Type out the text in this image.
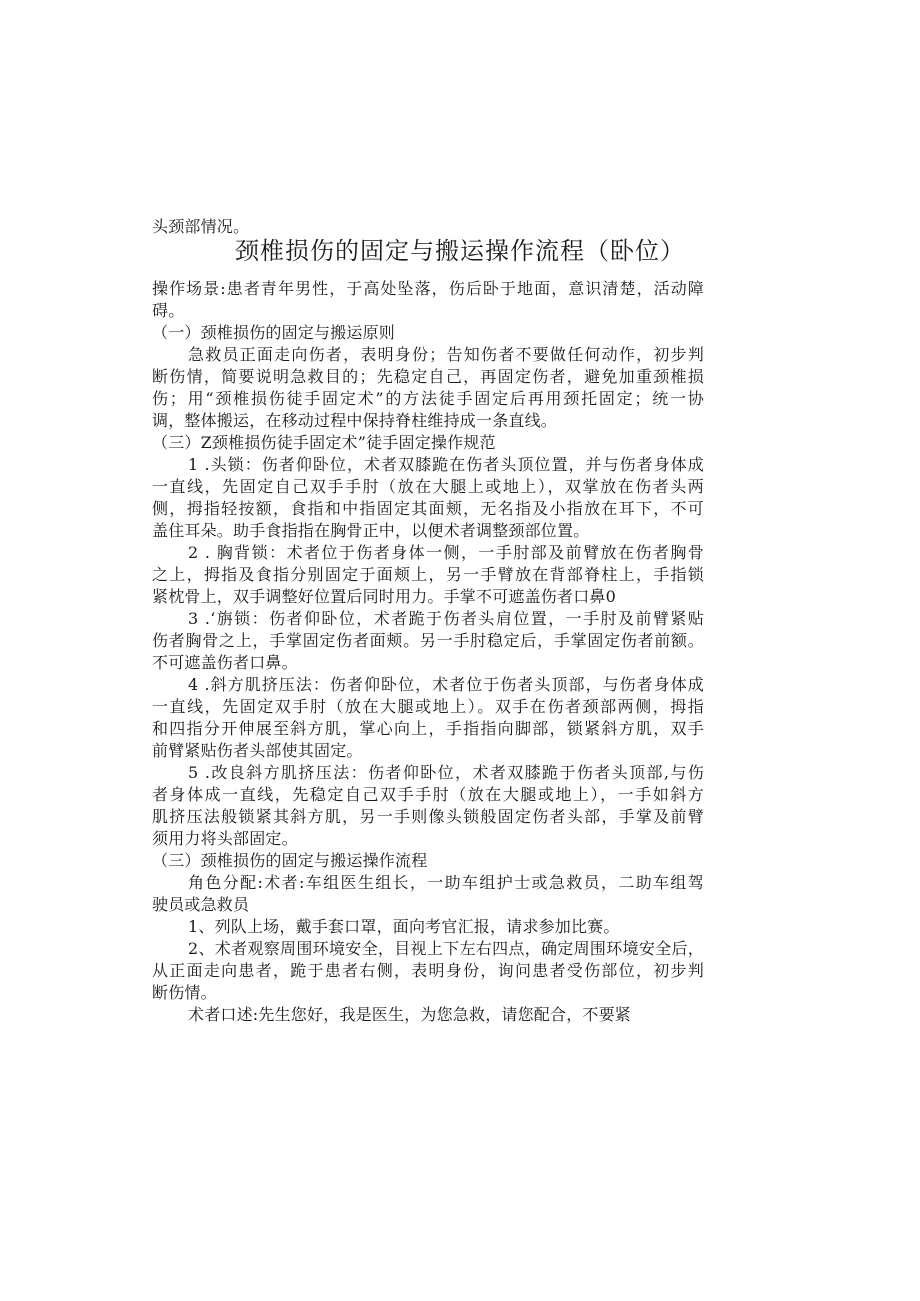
头颈部情况。
颈椎损伤的固定与搬运操作流程（卧位）
操作场景:患者青年男性，于高处坠落，伤后卧于地面，意识清楚，活动障
碍。
（一）颈椎损伤的固定与搬运原则
急救员正面走向伤者，表明身份；告知伤者不要做任何动作，初步判
断伤情，简要说明急救目的；先稳定自己，再固定伤者，避免加重颈椎损
伤；用“颈椎损伤徒手固定术”的方法徒手固定后再用颈托固定；统一协
调，整体搬运，在移动过程中保持脊柱维持成一条直线。
（三）Z颈椎损伤徒手固定术”徒手固定操作规范
1 .头锁：伤者仰卧位，术者双膝跪在伤者头顶位置，并与伤者身体成
一直线，先固定自己双手手肘（放在大腿上或地上），双掌放在伤者头两
侧，拇指轻按额，食指和中指固定其面颊，无名指及小指放在耳下，不可
盖住耳朵。助手食指指在胸骨正中，以便术者调整颈部位置。
2 . 胸背锁：术者位于伤者身体一侧，一手肘部及前臂放在伤者胸骨
之上，拇指及食指分别固定于面颊上，另一手臂放在背部脊柱上，手指锁
紧枕骨上，双手调整好位置后同时用力。手掌不可遮盖伤者口鼻0
3 .‘旃锁：伤者仰卧位，术者跪于伤者头肩位置，一手肘及前臂紧贴
伤者胸骨之上，手掌固定伤者面颊。另一手肘稳定后，手掌固定伤者前额。
不可遮盖伤者口鼻。
4 .斜方肌挤压法：伤者仰卧位，术者位于伤者头顶部，与伤者身体成
一直线，先固定双手肘（放在大腿或地上）。双手在伤者颈部两侧，拇指
和四指分开伸展至斜方肌，掌心向上，手指指向脚部，锁紧斜方肌，双手
前臂紧贴伤者头部使其固定。
5 .改良斜方肌挤压法：伤者仰卧位，术者双膝跪于伤者头顶部,与伤
者身体成一直线，先稳定自己双手手肘（放在大腿或地上），一手如斜方
肌挤压法般锁紧其斜方肌，另一手则像头锁般固定伤者头部，手掌及前臂
须用力将头部固定。
（三）颈椎损伤的固定与搬运操作流程
角色分配:术者:车组医生组长，一助车组护士或急救员，二助车组驾
驶员或急救员
1、列队上场，戴手套口罩，面向考官汇报，请求参加比赛。
2、术者观察周围环境安全，目视上下左右四点，确定周围环境安全后，
从正面走向患者，跪于患者右侧，表明身份，询问患者受伤部位，初步判
断伤情。
术者口述:先生您好，我是医生，为您急救，请您配合，不要紧
